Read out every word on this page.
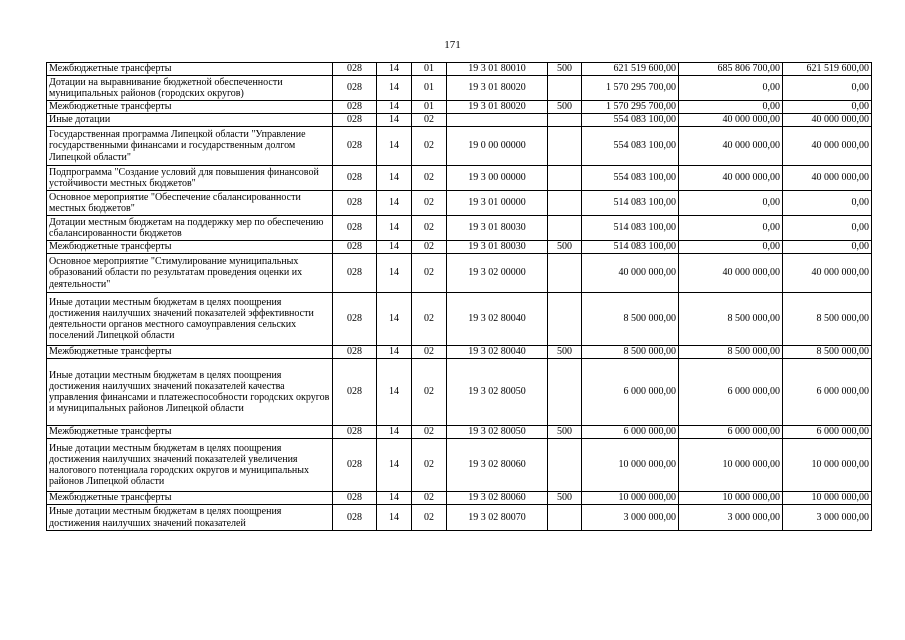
171
Межбюджетные трансферты	028	14	01	19 3 01 80010	500	621 519 600,00	685 806 700,00	621 519 600,00
Дотации на выравнивание бюджетной обеспеченности муниципальных районов (городских округов)	028	14	01	19 3 01 80020		1 570 295 700,00	0,00	0,00
Межбюджетные трансферты	028	14	01	19 3 01 80020	500	1 570 295 700,00	0,00	0,00
Иные дотации	028	14	02			554 083 100,00	40 000 000,00	40 000 000,00
Государственная программа Липецкой области "Управление государственными финансами и государственным долгом Липецкой области"	028	14	02	19 0 00 00000		554 083 100,00	40 000 000,00	40 000 000,00
Подпрограмма "Создание условий для повышения финансовой устойчивости местных бюджетов"	028	14	02	19 3 00 00000		554 083 100,00	40 000 000,00	40 000 000,00
Основное мероприятие "Обеспечение сбалансированности местных бюджетов"	028	14	02	19 3 01 00000		514 083 100,00	0,00	0,00
Дотации местным бюджетам на поддержку мер по обеспечению сбалансированности бюджетов	028	14	02	19 3 01 80030		514 083 100,00	0,00	0,00
Межбюджетные трансферты	028	14	02	19 3 01 80030	500	514 083 100,00	0,00	0,00
Основное мероприятие "Стимулирование муниципальных образований области по результатам проведения оценки их деятельности"	028	14	02	19 3 02 00000		40 000 000,00	40 000 000,00	40 000 000,00
Иные дотации местным бюджетам в целях поощрения достижения наилучших значений показателей эффективности деятельности органов местного самоуправления сельских поселений Липецкой области	028	14	02	19 3 02 80040		8 500 000,00	8 500 000,00	8 500 000,00
Межбюджетные трансферты	028	14	02	19 3 02 80040	500	8 500 000,00	8 500 000,00	8 500 000,00
Иные дотации местным бюджетам в целях поощрения достижения наилучших значений показателей качества управления финансами и платежеспособности городских округов и муниципальных районов Липецкой области	028	14	02	19 3 02 80050		6 000 000,00	6 000 000,00	6 000 000,00
Межбюджетные трансферты	028	14	02	19 3 02 80050	500	6 000 000,00	6 000 000,00	6 000 000,00
Иные дотации местным бюджетам в целях поощрения достижения наилучших значений показателей увеличения налогового потенциала городских округов и муниципальных районов Липецкой области	028	14	02	19 3 02 80060		10 000 000,00	10 000 000,00	10 000 000,00
Межбюджетные трансферты	028	14	02	19 3 02 80060	500	10 000 000,00	10 000 000,00	10 000 000,00
Иные дотации местным бюджетам в целях поощрения достижения наилучших значений показателей	028	14	02	19 3 02 80070		3 000 000,00	3 000 000,00	3 000 000,00
